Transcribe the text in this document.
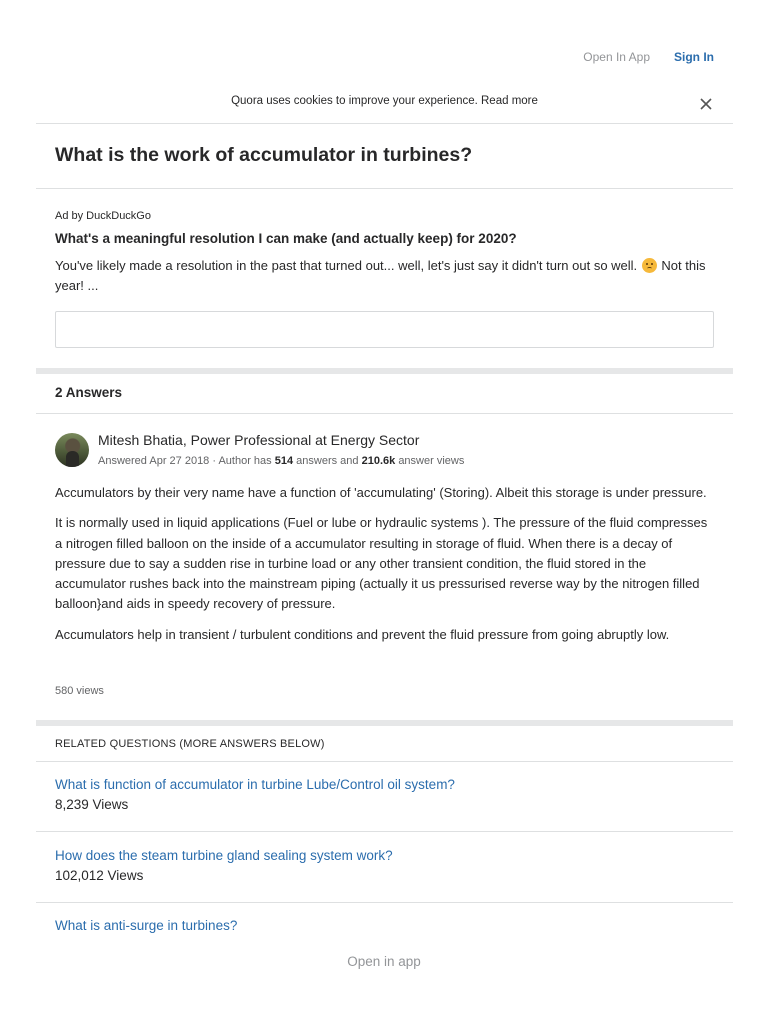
Open In App Sign In
Quora uses cookies to improve your experience. Read more
What is the work of accumulator in turbines?
Ad by DuckDuckGo
What's a meaningful resolution I can make (and actually keep) for 2020?
You've likely made a resolution in the past that turned out... well, let's just say it didn't turn out so well. Not this year! ...
2 Answers
Mitesh Bhatia, Power Professional at Energy Sector
Answered Apr 27 2018 · Author has 514 answers and 210.6k answer views

Accumulators by their very name have a function of 'accumulating' (Storing). Albeit this storage is under pressure.

It is normally used in liquid applications (Fuel or lube or hydraulic systems ). The pressure of the fluid compresses a nitrogen filled balloon on the inside of a accumulator resulting in storage of fluid. When there is a decay of pressure due to say a sudden rise in turbine load or any other transient condition, the fluid stored in the accumulator rushes back into the mainstream piping (actually it us pressurised reverse way by the nitrogen filled balloon}and aids in speedy recovery of pressure.

Accumulators help in transient / turbulent conditions and prevent the fluid pressure from going abruptly low.

580 views
RELATED QUESTIONS (MORE ANSWERS BELOW)
What is function of accumulator in turbine Lube/Control oil system?
8,239 Views
How does the steam turbine gland sealing system work?
102,012 Views
What is anti-surge in turbines?
Open in app
